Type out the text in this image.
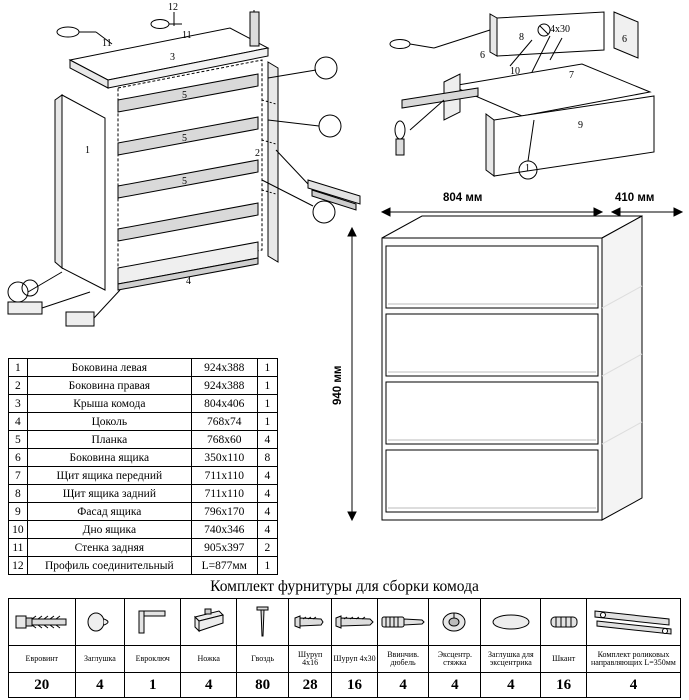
12
11
11
3
1	2
5
5
5
4
8
4х30
6
6
10	7
9
1
804 мм	410 мм
940 мм
1	Боковина левая	924x388	1
2	Боковина правая	924x388	1
3	Крыша комода	804x406	1
4	Цоколь	768x74	1
5	Планка	768x60	4
6	Боковина ящика	350x110	8
7	Щит ящика передний	711x110	4
8	Щит ящика задний	711x110	4
9	Фасад ящика	796x170	4
10	Дно ящика	740x346	4
11	Стенка задняя	905x397	2
12	Профиль соединительный	L=877мм	1
Комплект фурнитуры для сборки комода

Евровинт	Заглушка	Евроключ	Ножка	Гвоздь	Шуруп 4х16	Шуруп 4х30	Ввинчив. дюбель	Эксцентр. стяжка	Заглушка для эксцентрика	Шкант	Комплект роликовых направляющих L=350мм
20	4	1	4	80	28	16	4	4	4	16	4
